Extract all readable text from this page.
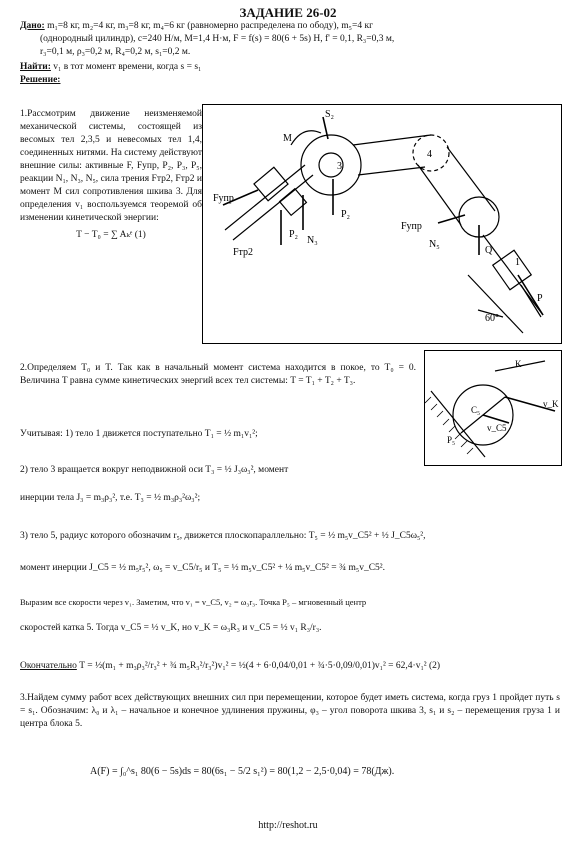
ЗАДАНИЕ 26-02
Дано: m₁=8 кг, m₂=4 кг, m₃=8 кг, m₄=6 кг (равномерно распределена по ободу), m₅=4 кг
(однородный цилиндр), c=240 Н/м, M=1,4 Н·м, F = f(s) = 80(6 + 5s) Н, f' = 0,1, R₃=0,3 м,
r₃=0,1 м, ρ₃=0,2 м, R₄=0,2 м, s₁=0,2 м.
Найти: v₁ в тот момент времени, когда s = s₁
Решение:
1.Рассмотрим движение неизменяемой механической системы, состоящей из весомых тел 2,3,5 и невесомых тел 1,4, соединенных нитями. На систему действуют внешние силы: активные F, Fупр, P₂, P₃, P₅, реакции N₁, N₃, N₅, сила трения Fтр2, Fтр2 и момент M сил сопротивления шкива 3. Для определения v₁ воспользуемся теоремой об изменении кинетической энергии:
T − T₀ = ∑ Aₖᵉ (1)
M
S₂
3
P₂
Fупр
P₂
Fтр2
N₃
4
Fупр
N₅
Q
1
P
60°
K
v_K
C₅
v_C5
P₅
2.Определяем T₀ и T. Так как в начальный момент система находится в покое, то T₀ = 0. Величина T равна сумме кинетических энергий всех тел системы: T = T₁ + T₂ + T₃.
Учитывая: 1) тело 1 движется поступательно T₁ = ½ m₁v₁²;
2) тело 3 вращается вокруг неподвижной оси T₃ = ½ J₃ω₃², момент
инерции тела J₃ = m₃ρ₃², т.е. T₃ = ½ m₃ρ₃²ω₃²;
3) тело 5, радиус которого обозначим r₅, движется плоскопараллельно: T₅ = ½ m₅v_C5² + ½ J_C5ω₅²,
момент инерции J_C5 = ½ m₅r₅², ω₅ = v_C5/r₅ и T₅ = ½ m₅v_C5² + ¼ m₅v_C5² = ¾ m₅v_C5².
Выразим все скорости через v₁. Заметим, что v₁ = v_C5, v₂ = ω₃r₃. Точка P₅ – мгновенный центр
скоростей катка 5. Тогда v_C5 = ½ v_K, но v_K = ω₃R₃ и v_C5 = ½ v₁ R₃/r₃.
Окончательно T = ½(m₁ + m₃ρ₃²/r₃² + ¾ m₅R₃²/r₃²)v₁² = ½(4 + 6·0,04/0,01 + ¾·5·0,09/0,01)v₁² = 62,4·v₁² (2)
3.Найдем сумму работ всех действующих внешних сил при перемещении, которое будет иметь система, когда груз 1 пройдет путь s = s₁. Обозначим: λ₀ и λ₁ – начальное и конечное удлинения пружины, φ₃ – угол поворота шкива 3, s₁ и s₂ – перемещения груза 1 и центра блока 5.
A(F) = ∫₀^s₁ 80(6 − 5s)ds = 80(6s₁ − 5/2 s₁²) = 80(1,2 − 2,5·0,04) = 78(Дж).
http://reshot.ru
